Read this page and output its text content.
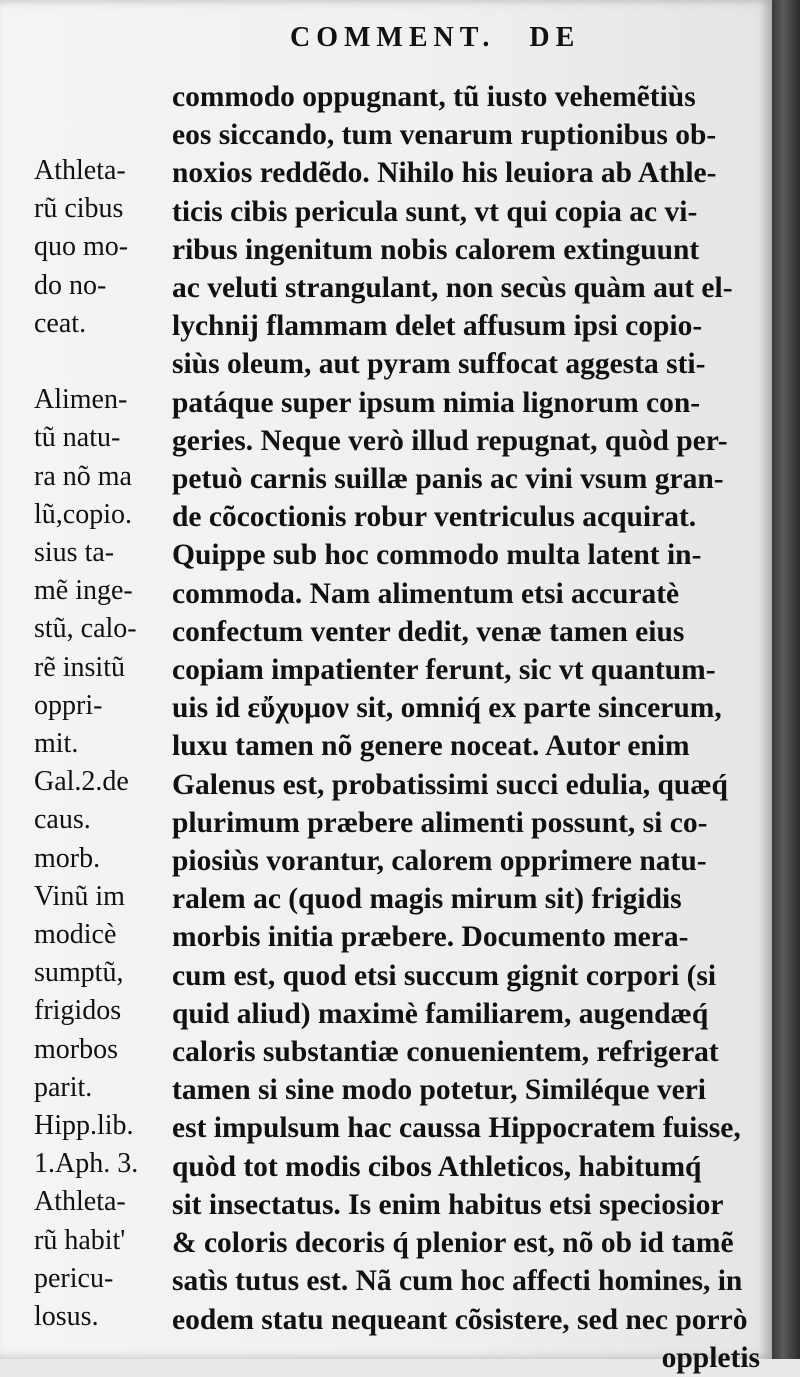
COMMENT. DE
Athleta-
rũ cibus
quo mo-
do no-
ceat.

Alimen-
tũ natu-
ra nõ ma
lũ,copio.
sius ta-
mẽ inge-
stũ, calo-
rẽ insitũ
oppri-
mit.
Gal.2.de
caus.
morb.
Vinũ im
modicè
sumptũ,
frigidos
morbos
parit.
Hipp.lib.
1.Aph. 3.
Athleta-
rũ habit'
pericu-
losus.
commodo oppugnant, tũ iusto vehemẽtiùs
eos siccando, tum venarum ruptionibus ob-
noxios reddẽdo. Nihilo his leuiora ab Athle-
ticis cibis pericula sunt, vt qui copia ac vi-
ribus ingenitum nobis calorem extinguunt
ac veluti strangulant, non secùs quàm aut el-
lychnij flammam delet affusum ipsi copio-
siùs oleum, aut pyram suffocat aggesta sti-
patáque super ipsum nimia lignorum con-
geries. Neque verò illud repugnat, quòd per-
petuò carnis suillæ panis ac vini vsum gran-
de cõcoctionis robur ventriculus acquirat.
Quippe sub hoc commodo multa latent in-
commoda. Nam alimentum etsi accuratè
confectum venter dedit, venæ tamen eius
copiam impatienter ferunt, sic vt quantum-
uis id εὔχυμον sit, omniq́ ex parte sincerum,
luxu tamen nõ genere noceat. Autor enim
Galenus est, probatissimi succi edulia, quæq́
plurimum præbere alimenti possunt, si co-
piosiùs vorantur, calorem opprimere natu-
ralem ac (quod magis mirum sit) frigidis
morbis initia præbere. Documento mera-
cum est, quod etsi succum gignit corpori (si
quid aliud) maximè familiarem, augendæq́
caloris substantiæ conuenientem, refrigerat
tamen si sine modo potetur, Similéque veri
est impulsum hac caussa Hippocratem fuisse,
quòd tot modis cibos Athleticos, habitumq́
sit insectatus. Is enim habitus etsi speciosior
& coloris decoris q́ plenior est, nõ ob id tamẽ
satìs tutus est. Nã cum hoc affecti homines, in
eodem statu nequeant cõsistere, sed nec porrò
oppletis
